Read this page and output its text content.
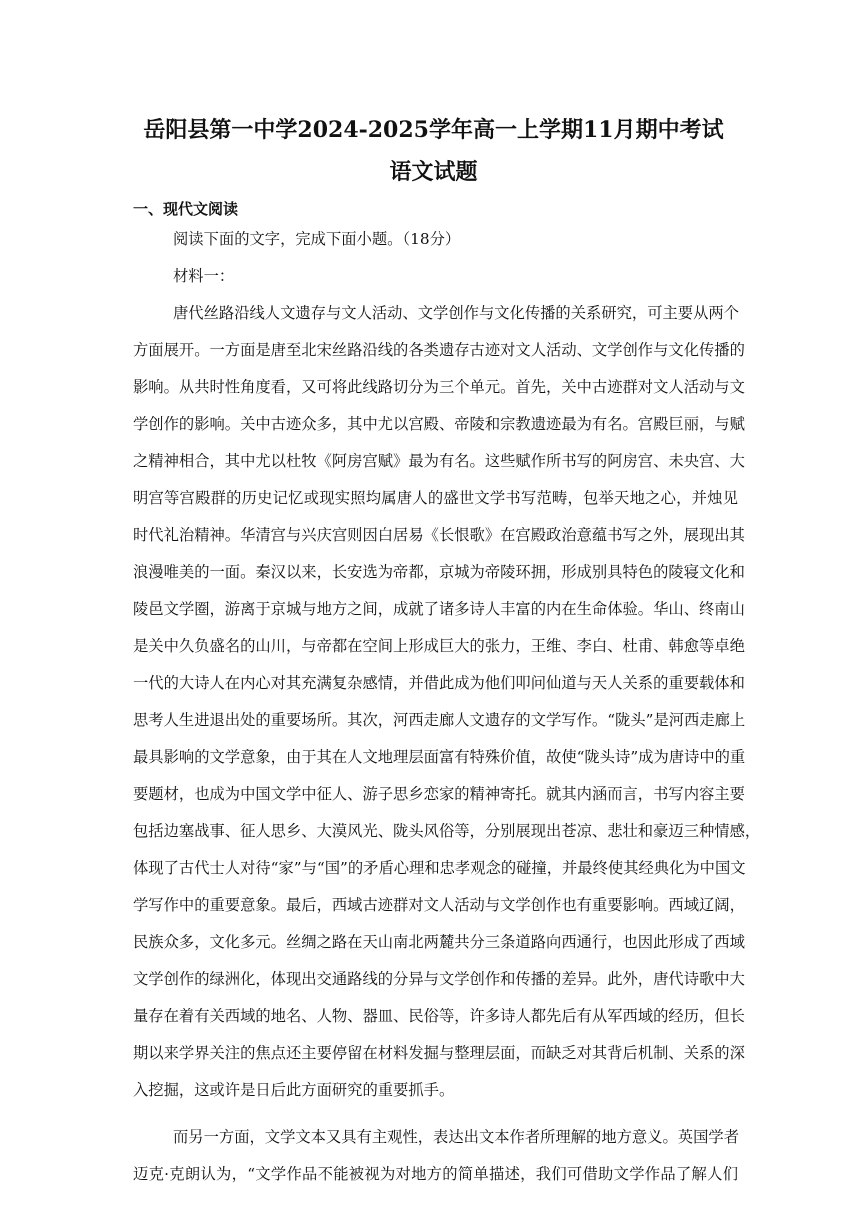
岳阳县第一中学2024-2025学年高一上学期11月期中考试
语文试题
一、现代文阅读
阅读下面的文字，完成下面小题。（18分）
材料一：
唐代丝路沿线人文遗存与文人活动、文学创作与文化传播的关系研究，可主要从两个
方面展开。一方面是唐至北宋丝路沿线的各类遗存古迹对文人活动、文学创作与文化传播的
影响。从共时性角度看，又可将此线路切分为三个单元。首先，关中古迹群对文人活动与文
学创作的影响。关中古迹众多，其中尤以宫殿、帝陵和宗教遗迹最为有名。宫殿巨丽，与赋
之精神相合，其中尤以杜牧《阿房宫赋》最为有名。这些赋作所书写的阿房宫、未央宫、大
明宫等宫殿群的历史记忆或现实照均属唐人的盛世文学书写范畴，包举天地之心，并烛见
时代礼治精神。华清宫与兴庆宫则因白居易《长恨歌》在宫殿政治意蕴书写之外，展现出其
浪漫唯美的一面。秦汉以来，长安选为帝都，京城为帝陵环拥，形成别具特色的陵寝文化和
陵邑文学圈，游离于京城与地方之间，成就了诸多诗人丰富的内在生命体验。华山、终南山
是关中久负盛名的山川，与帝都在空间上形成巨大的张力，王维、李白、杜甫、韩愈等卓绝
一代的大诗人在内心对其充满复杂感情，并借此成为他们叩问仙道与天人关系的重要载体和
思考人生进退出处的重要场所。其次，河西走廊人文遗存的文学写作。“陇头”是河西走廊上
最具影响的文学意象，由于其在人文地理层面富有特殊价值，故使“陇头诗”成为唐诗中的重
要题材，也成为中国文学中征人、游子思乡恋家的精神寄托。就其内涵而言，书写内容主要
包括边塞战事、征人思乡、大漠风光、陇头风俗等，分别展现出苍凉、悲壮和豪迈三种情感，
体现了古代士人对待“家”与“国”的矛盾心理和忠孝观念的碰撞，并最终使其经典化为中国文
学写作中的重要意象。最后，西域古迹群对文人活动与文学创作也有重要影响。西域辽阔，
民族众多，文化多元。丝绸之路在天山南北两麓共分三条道路向西通行，也因此形成了西域
文学创作的绿洲化，体现出交通路线的分异与文学创作和传播的差异。此外，唐代诗歌中大
量存在着有关西域的地名、人物、器皿、民俗等，许多诗人都先后有从军西域的经历，但长
期以来学界关注的焦点还主要停留在材料发掘与整理层面，而缺乏对其背后机制、关系的深
入挖掘，这或许是日后此方面研究的重要抓手。
而另一方面，文学文本又具有主观性，表达出文本作者所理解的地方意义。英国学者
迈克·克朗认为，“文学作品不能被视为对地方的简单描述，我们可借助文学作品了解人们
